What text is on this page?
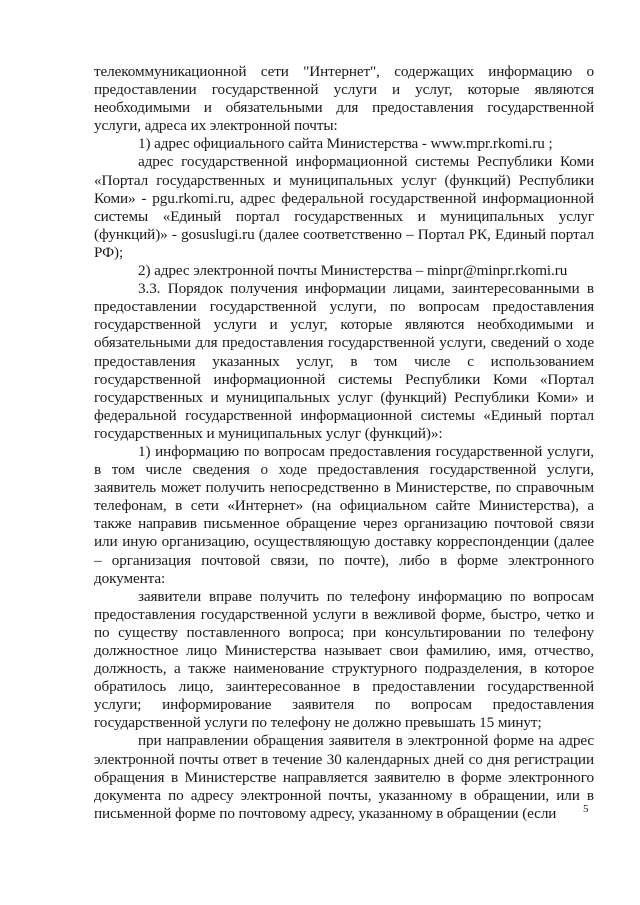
телекоммуникационной сети "Интернет", содержащих информацию о предоставлении государственной услуги и услуг, которые являются необходимыми и обязательными для предоставления государственной услуги, адреса их электронной почты:

1) адрес официального сайта Министерства - www.mpr.rkomi.ru ;

адрес государственной информационной системы Республики Коми «Портал государственных и муниципальных услуг (функций) Республики Коми» - pgu.rkomi.ru, адрес федеральной государственной информационной системы «Единый портал государственных и муниципальных услуг (функций)» - gosuslugi.ru (далее соответственно – Портал РК, Единый портал РФ);

2) адрес электронной почты Министерства – minpr@minpr.rkomi.ru

3.3. Порядок получения информации лицами, заинтересованными в предоставлении государственной услуги, по вопросам предоставления государственной услуги и услуг, которые являются необходимыми и обязательными для предоставления государственной услуги, сведений о ходе предоставления указанных услуг, в том числе с использованием государственной информационной системы Республики Коми «Портал государственных и муниципальных услуг (функций) Республики Коми» и федеральной государственной информационной системы «Единый портал государственных и муниципальных услуг (функций)»:

1) информацию по вопросам предоставления государственной услуги, в том числе сведения о ходе предоставления государственной услуги, заявитель может получить непосредственно в Министерстве, по справочным телефонам, в сети «Интернет» (на официальном сайте Министерства), а также направив письменное обращение через организацию почтовой связи или иную организацию, осуществляющую доставку корреспонденции (далее – организация почтовой связи, по почте), либо в форме электронного документа:

заявители вправе получить по телефону информацию по вопросам предоставления государственной услуги в вежливой форме, быстро, четко и по существу поставленного вопроса; при консультировании по телефону должностное лицо Министерства называет свои фамилию, имя, отчество, должность, а также наименование структурного подразделения, в которое обратилось лицо, заинтересованное в предоставлении государственной услуги; информирование заявителя по вопросам предоставления государственной услуги по телефону не должно превышать 15 минут;

при направлении обращения заявителя в электронной форме на адрес электронной почты ответ в течение 30 календарных дней со дня регистрации обращения в Министерстве направляется заявителю в форме электронного документа по адресу электронной почты, указанному в обращении, или в письменной форме по почтовому адресу, указанному в обращении (если	5
